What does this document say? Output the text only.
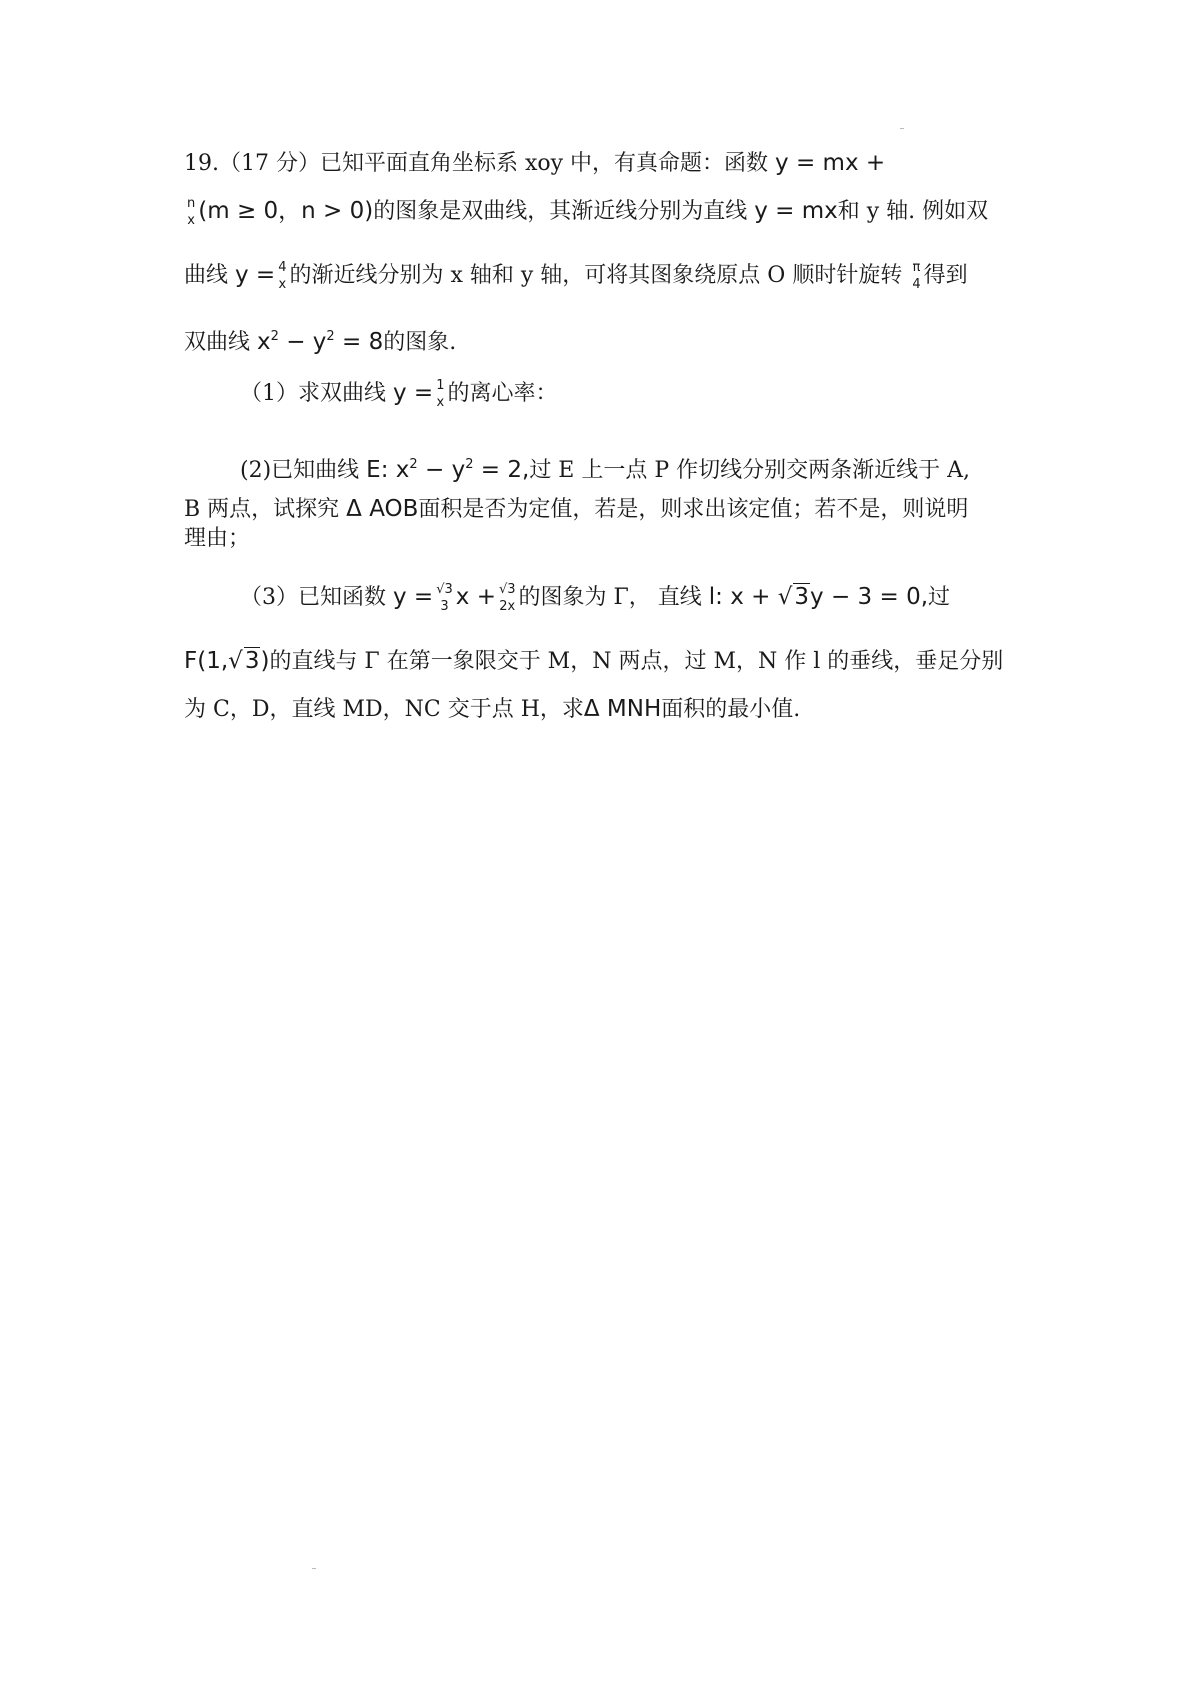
19.（17 分）已知平面直角坐标系 xoy 中，有真命题：函数 y = mx +
n
x (m ≥ 0，n > 0)的图象是双曲线，其渐近线分别为直线 y = mx和 y 轴. 例如双
曲线 y = 4
x 的渐近线分别为 x 轴和 y 轴，可将其图象绕原点 O 顺时针旋转 π
4 得到
双曲线 $x^2 - y^2 = 8$的图象.
（1）求双曲线 y = 1
x 的离心率：
(2)已知曲线 E: $x^2 - y^2 = 2$,过 E 上一点 P 作切线分别交两条渐近线于 A,
B 两点，试探究 Δ AOB面积是否为定值，若是，则求出该定值；若不是，则说明
理由；
（3）已知函数 y = √3
3 x + √3
2x 的图象为 Γ， 直线 l: x + √3y − 3 = 0,过
F(1,√3)的直线与 Γ 在第一象限交于 M，N 两点，过 M，N 作 l 的垂线，垂足分别
为 C，D，直线 MD，NC 交于点 H，求Δ MNH面积的最小值.
